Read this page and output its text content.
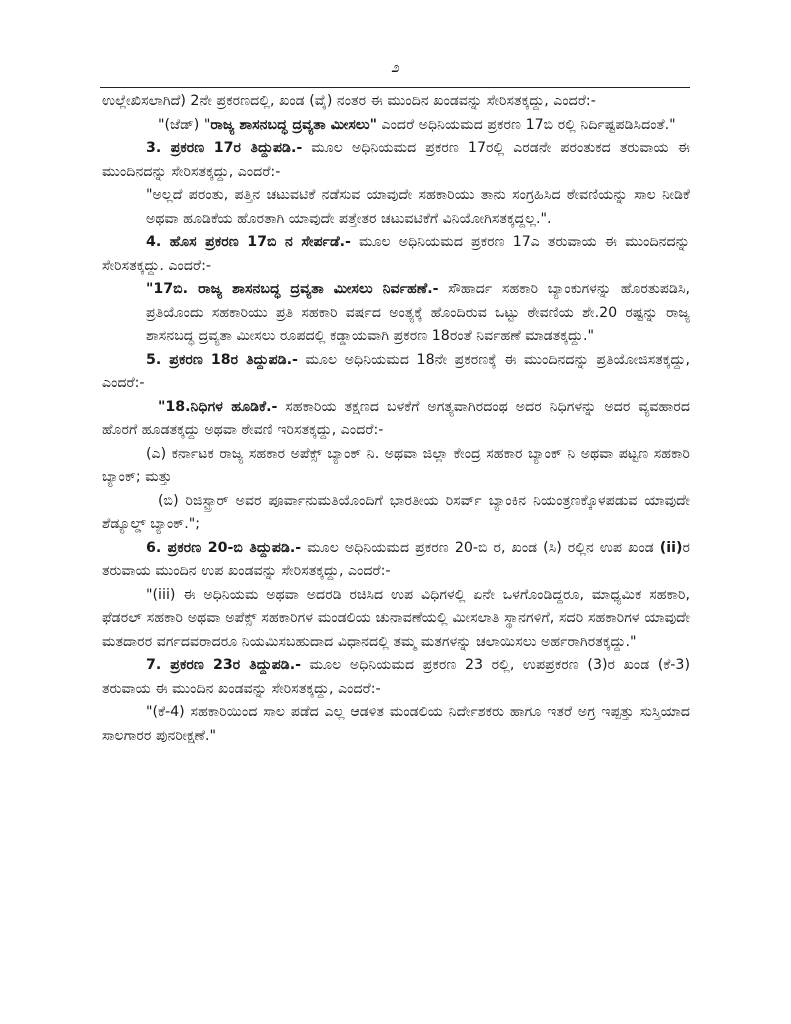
೨

ಉಲ್ಲೇಖಿಸಲಾಗಿದೆ) 2ನೇ ಪ್ರಕರಣದಲ್ಲಿ, ಖಂಡ (ವೈ) ನಂತರ ಈ ಮುಂದಿನ ಖಂಡವನ್ನು ಸೇರಿಸತಕ್ಕದ್ದು, ಎಂದರೆ:-

"(ಜೆಡ್) "ರಾಜ್ಯ ಶಾಸನಬದ್ಧ ದ್ರವ್ಯತಾ ಮೀಸಲು" ಎಂದರೆ ಅಧಿನಿಯಮದ ಪ್ರಕರಣ 17ಬಿ ರಲ್ಲಿ ನಿರ್ದಿಷ್ಟಪಡಿಸಿದಂತೆ."

3. ಪ್ರಕರಣ 17ರ ತಿದ್ದುಪಡಿ.- ಮೂಲ ಅಧಿನಿಯಮದ ಪ್ರಕರಣ 17ರಲ್ಲಿ ಎರಡನೇ ಪರಂತುಕದ ತರುವಾಯ ಈ ಮುಂದಿನದನ್ನು ಸೇರಿಸತಕ್ಕದ್ದು, ಎಂದರೆ:-

"ಅಲ್ಲದೆ ಪರಂತು, ಪತ್ತಿನ ಚಟುವಟಿಕೆ ನಡೆಸುವ ಯಾವುದೇ ಸಹಕಾರಿಯು ತಾನು ಸಂಗ್ರಹಿಸಿದ ಠೇವಣಿಯನ್ನು ಸಾಲ ನೀಡಿಕೆ ಅಥವಾ ಹೂಡಿಕೆಯ ಹೊರತಾಗಿ ಯಾವುದೇ ಪತ್ತೇತರ ಚಟುವಟಿಕೆಗೆ ವಿನಿಯೋಗಿಸತಕ್ಕದ್ದಲ್ಲ.".

4. ಹೊಸ ಪ್ರಕರಣ 17ಬಿ ನ ಸೇರ್ಪಡೆ.- ಮೂಲ ಅಧಿನಿಯಮದ ಪ್ರಕರಣ 17ಎ ತರುವಾಯ ಈ ಮುಂದಿನದನ್ನು ಸೇರಿಸತಕ್ಕದ್ದು. ಎಂದರೆ:-

"17ಬಿ. ರಾಜ್ಯ ಶಾಸನಬದ್ಧ ದ್ರವ್ಯತಾ ಮೀಸಲು ನಿರ್ವಹಣೆ.- ಸೌಹಾರ್ದ ಸಹಕಾರಿ ಬ್ಯಾಂಕುಗಳನ್ನು ಹೊರತುಪಡಿಸಿ, ಪ್ರತಿಯೊಂದು ಸಹಕಾರಿಯು ಪ್ರತಿ ಸಹಕಾರಿ ವರ್ಷದ ಅಂತ್ಯಕ್ಕೆ ಹೊಂದಿರುವ ಒಟ್ಟು ಠೇವಣಿಯ ಶೇ.20 ರಷ್ಟನ್ನು ರಾಜ್ಯ ಶಾಸನಬದ್ಧ ದ್ರವ್ಯತಾ ಮೀಸಲು ರೂಪದಲ್ಲಿ ಕಡ್ಡಾಯವಾಗಿ ಪ್ರಕರಣ 18ರಂತೆ ನಿರ್ವಹಣೆ ಮಾಡತಕ್ಕದ್ದು."

5. ಪ್ರಕರಣ 18ರ ತಿದ್ದುಪಡಿ.- ಮೂಲ ಅಧಿನಿಯಮದ 18ನೇ ಪ್ರಕರಣಕ್ಕೆ ಈ ಮುಂದಿನದನ್ನು ಪ್ರತಿಯೋಜಿಸತಕ್ಕದ್ದು, ಎಂದರೆ:-

"18.ನಿಧಿಗಳ ಹೂಡಿಕೆ.- ಸಹಕಾರಿಯ ತಕ್ಷಣದ ಬಳಕೆಗೆ ಅಗತ್ಯವಾಗಿರದಂಥ ಅದರ ನಿಧಿಗಳನ್ನು ಅದರ ವ್ಯವಹಾರದ ಹೊರಗೆ ಹೂಡತಕ್ಕದ್ದು ಅಥವಾ ಠೇವಣಿ ಇರಿಸತಕ್ಕದ್ದು, ಎಂದರೆ:-

(ಎ) ಕರ್ನಾಟಕ ರಾಜ್ಯ ಸಹಕಾರ ಅಪೆಕ್ಸ್ ಬ್ಯಾಂಕ್ ನಿ. ಅಥವಾ ಜಿಲ್ಲಾ ಕೇಂದ್ರ ಸಹಕಾರ ಬ್ಯಾಂಕ್ ನಿ ಅಥವಾ ಪಟ್ಟಣ ಸಹಕಾರಿ ಬ್ಯಾಂಕ್; ಮತ್ತು

(ಬಿ) ರಿಜಿಸ್ಟ್ರಾರ್ ಅವರ ಪೂರ್ವಾನುಮತಿಯೊಂದಿಗೆ ಭಾರತೀಯ ರಿಸರ್ವ್ ಬ್ಯಾಂಕಿನ ನಿಯಂತ್ರಣಕ್ಕೊಳಪಡುವ ಯಾವುದೇ ಶೆಡ್ಯೂಲ್ಡ್ ಬ್ಯಾಂಕ್.";

6. ಪ್ರಕರಣ 20-ಬಿ ತಿದ್ದುಪಡಿ.- ಮೂಲ ಅಧಿನಿಯಮದ ಪ್ರಕರಣ 20-ಬಿ ರ, ಖಂಡ (ಸಿ) ರಲ್ಲಿನ ಉಪ ಖಂಡ (ii)ರ ತರುವಾಯ ಮುಂದಿನ ಉಪ ಖಂಡವನ್ನು ಸೇರಿಸತಕ್ಕದ್ದು, ಎಂದರೆ:-

"(iii) ಈ ಅಧಿನಿಯಮ ಅಥವಾ ಅದರಡಿ ರಚಿಸಿದ ಉಪ ವಿಧಿಗಳಲ್ಲಿ ಏನೇ ಒಳಗೊಂಡಿದ್ದರೂ, ಮಾಧ್ಯಮಿಕ ಸಹಕಾರಿ, ಫೆಡರಲ್ ಸಹಕಾರಿ ಅಥವಾ ಅಪೆಕ್ಸ್ ಸಹಕಾರಿಗಳ ಮಂಡಲಿಯ ಚುನಾವಣೆಯಲ್ಲಿ ಮೀಸಲಾತಿ ಸ್ಥಾನಗಳಿಗೆ, ಸದರಿ ಸಹಕಾರಿಗಳ ಯಾವುದೇ ಮತದಾರರ ವರ್ಗದವರಾದರೂ ನಿಯಮಿಸಬಹುದಾದ ವಿಧಾನದಲ್ಲಿ ತಮ್ಮ ಮತಗಳನ್ನು ಚಲಾಯಿಸಲು ಅರ್ಹರಾಗಿರತಕ್ಕದ್ದು."

7. ಪ್ರಕರಣ 23ರ ತಿದ್ದುಪಡಿ.- ಮೂಲ ಅಧಿನಿಯಮದ ಪ್ರಕರಣ 23 ರಲ್ಲಿ, ಉಪಪ್ರಕರಣ (3)ರ ಖಂಡ (ಕೆ-3) ತರುವಾಯ ಈ ಮುಂದಿನ ಖಂಡವನ್ನು ಸೇರಿಸತಕ್ಕದ್ದು, ಎಂದರೆ:-

"(ಕೆ-4) ಸಹಕಾರಿಯಿಂದ ಸಾಲ ಪಡೆದ ಎಲ್ಲ ಆಡಳಿತ ಮಂಡಲಿಯ ನಿರ್ದೇಶಕರು ಹಾಗೂ ಇತರೆ ಅಗ್ರ ಇಪ್ಪತ್ತು ಸುಸ್ತಿಯಾದ ಸಾಲಗಾರರ ಪುನರೀಕ್ಷಣೆ."
